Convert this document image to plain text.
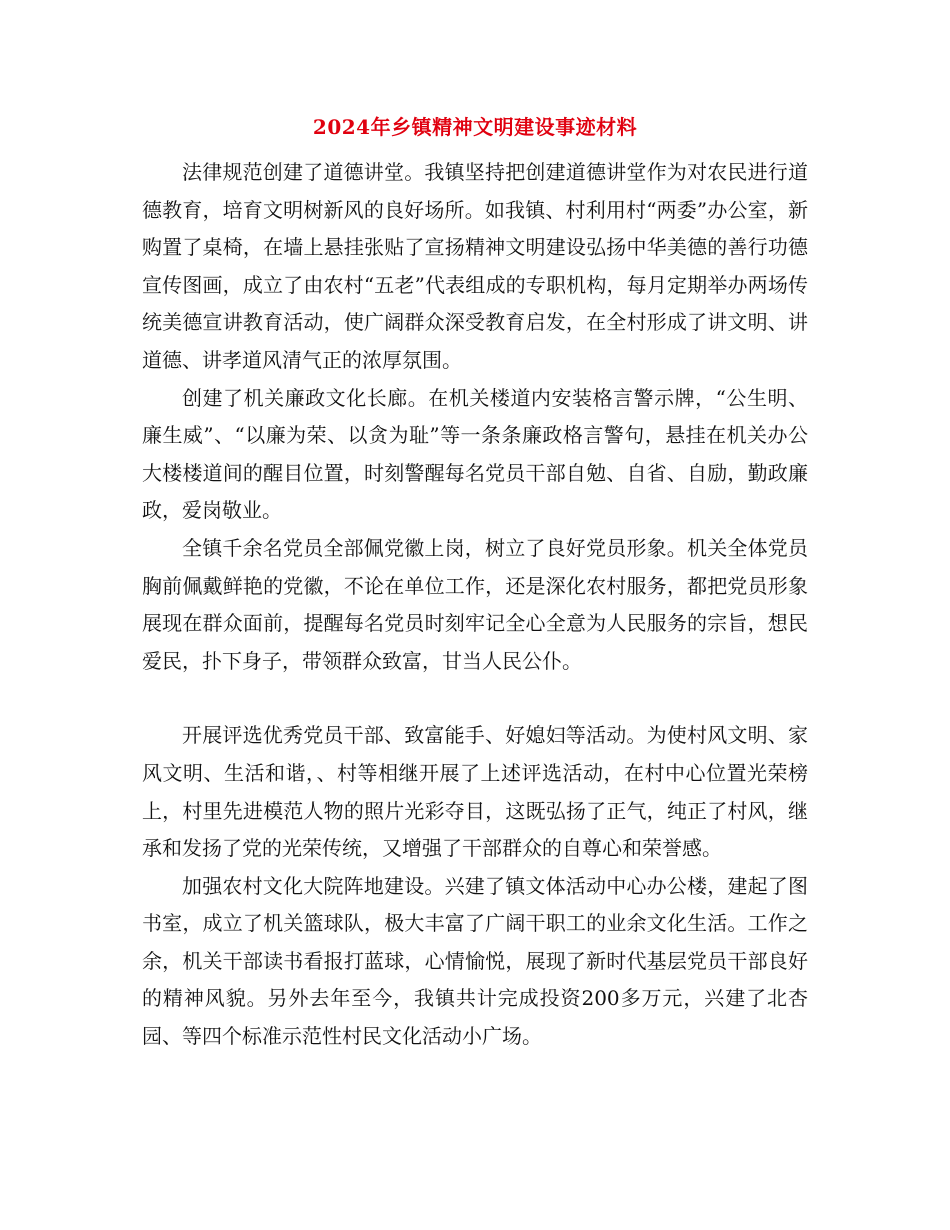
2024年乡镇精神文明建设事迹材料

法律规范创建了道德讲堂。我镇坚持把创建道德讲堂作为对农民进行道德教育，培育文明树新风的良好场所。如我镇、村利用村“两委”办公室，新购置了桌椅，在墙上悬挂张贴了宣扬精神文明建设弘扬中华美德的善行功德宣传图画，成立了由农村“五老”代表组成的专职机构，每月定期举办两场传统美德宣讲教育活动，使广阔群众深受教育启发，在全村形成了讲文明、讲道德、讲孝道风清气正的浓厚氛围。

创建了机关廉政文化长廊。在机关楼道内安装格言警示牌，“公生明、廉生威”、“以廉为荣、以贪为耻”等一条条廉政格言警句，悬挂在机关办公大楼楼道间的醒目位置，时刻警醒每名党员干部自勉、自省、自励，勤政廉政，爱岗敬业。

全镇千余名党员全部佩党徽上岗，树立了良好党员形象。机关全体党员胸前佩戴鲜艳的党徽，不论在单位工作，还是深化农村服务，都把党员形象展现在群众面前，提醒每名党员时刻牢记全心全意为人民服务的宗旨，想民爱民，扑下身子，带领群众致富，甘当人民公仆。

开展评选优秀党员干部、致富能手、好媳妇等活动。为使村风文明、家风文明、生活和谐，、村等相继开展了上述评选活动，在村中心位置光荣榜上，村里先进模范人物的照片光彩夺目，这既弘扬了正气，纯正了村风，继承和发扬了党的光荣传统，又增强了干部群众的自尊心和荣誉感。

加强农村文化大院阵地建设。兴建了镇文体活动中心办公楼，建起了图书室，成立了机关篮球队，极大丰富了广阔干职工的业余文化生活。工作之余，机关干部读书看报打蓝球，心情愉悦，展现了新时代基层党员干部良好的精神风貌。另外去年至今，我镇共计完成投资200多万元，兴建了北杏园、等四个标准示范性村民文化活动小广场。
